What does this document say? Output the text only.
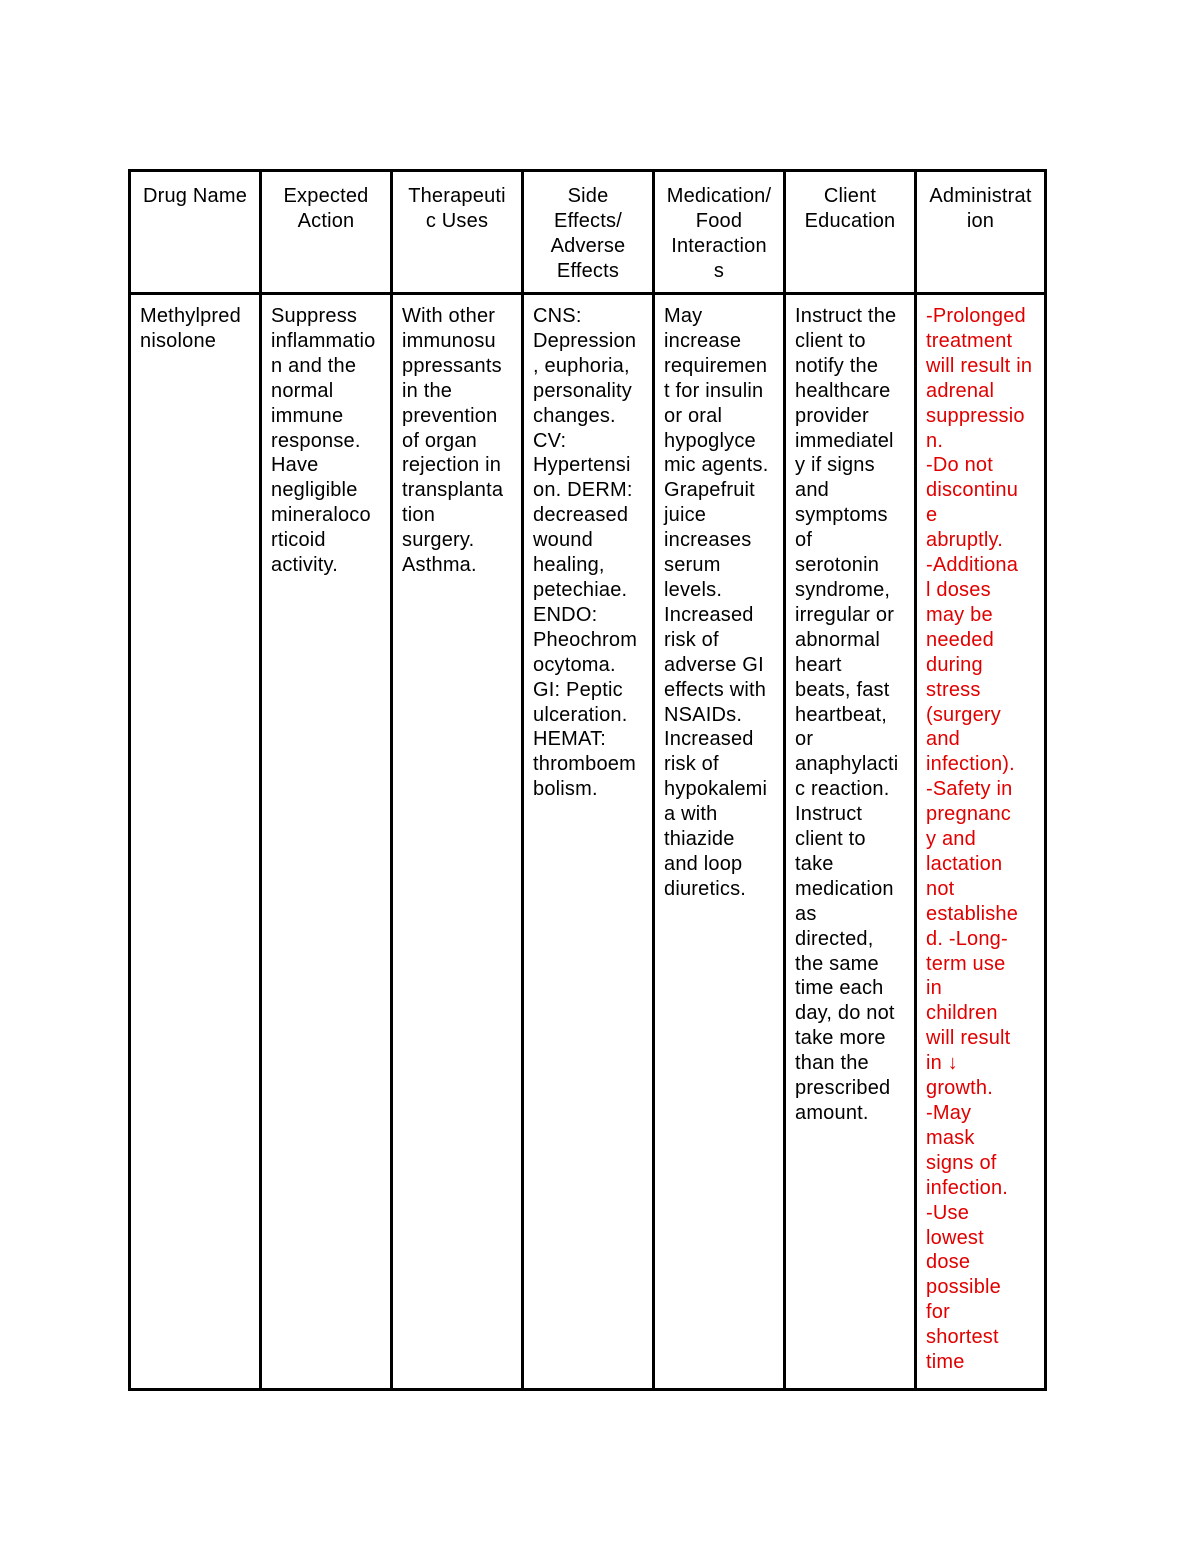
Drug Name	Expected
Action
Therapeuti
c Uses
Side
Effects/
Adverse
Effects
Medication/
Food
Interaction
s
Client
Education
Administrat
ion
Methylpred
nisolone
Suppress
inflammatio
n and the
normal
immune
response.
Have
negligible
mineraloco
rticoid
activity.
With other
immunosu
ppressants
in the
prevention
of organ
rejection in
transplanta
tion
surgery.
Asthma.
CNS:
Depression
, euphoria,
personality
changes.
CV:
Hypertensi
on. DERM:
decreased
wound
healing,
petechiae.
ENDO:
Pheochrom
ocytoma.
GI: Peptic
ulceration.
HEMAT:
thromboem
bolism.
May
increase
requiremen
t for insulin
or oral
hypoglyce
mic agents.
Grapefruit
juice
increases
serum
levels.
Increased
risk of
adverse GI
effects with
NSAIDs.
Increased
risk of
hypokalemi
a with
thiazide
and loop
diuretics.
Instruct the
client to
notify the
healthcare
provider
immediatel
y if signs
and
symptoms
of
serotonin
syndrome,
irregular or
abnormal
heart
beats, fast
heartbeat,
or
anaphylacti
c reaction.
Instruct
client to
take
medication
as
directed,
the same
time each
day, do not
take more
than the
prescribed
amount.
-Prolonged
treatment
will result in
adrenal
suppressio
n.
-Do not
discontinu
e
abruptly.
-Additiona
l doses
may be
needed
during
stress
(surgery
and
infection).
-Safety in
pregnanc
y and
lactation
not
establishe
d. -Long-
term use
in
children
will result
in ↓
growth.
-May
mask
signs of
infection.
-Use
lowest
dose
possible
for
shortest
time
